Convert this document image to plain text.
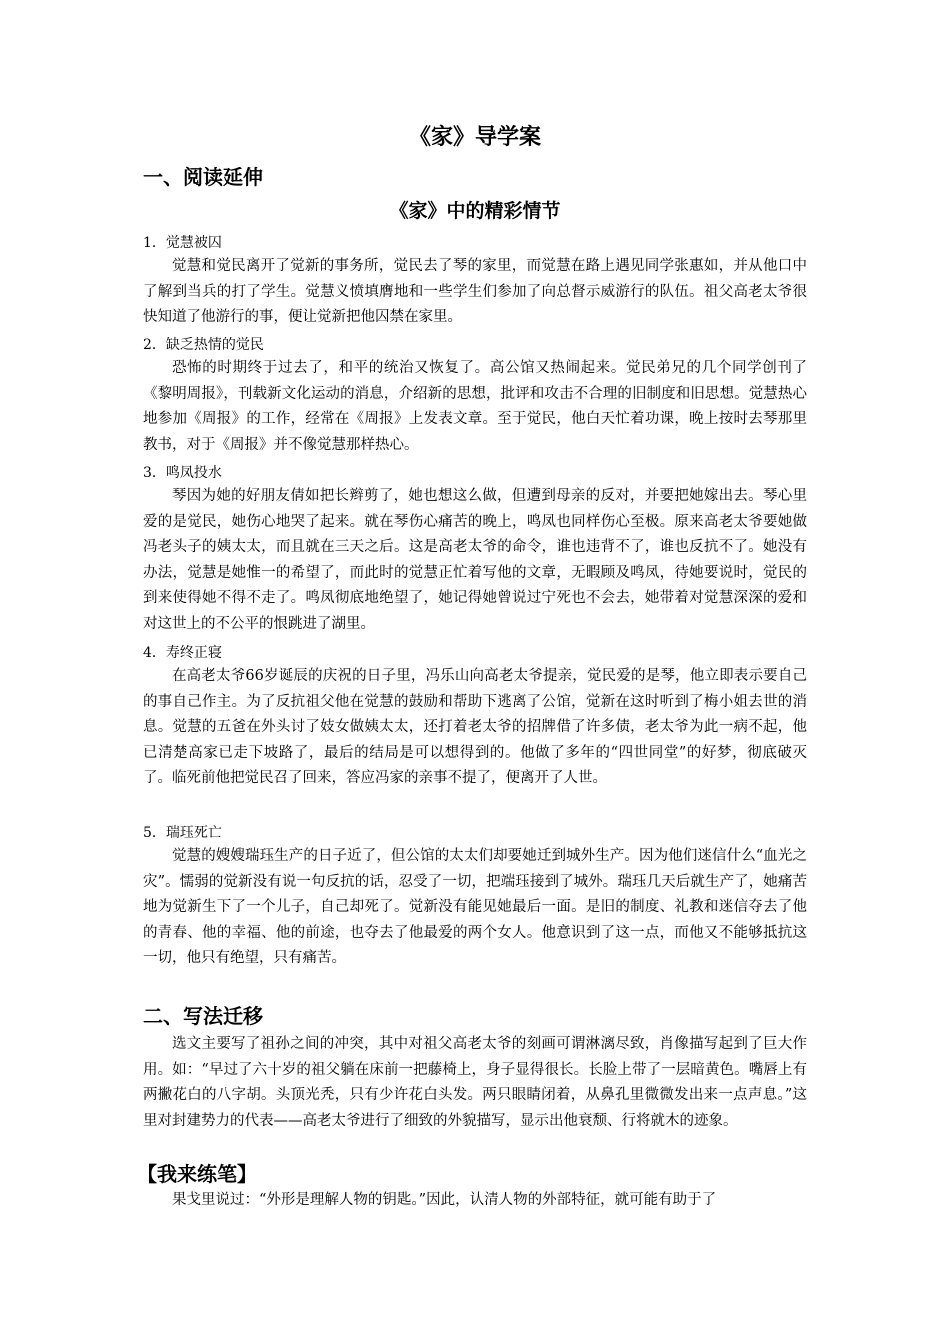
《家》导学案
一、阅读延伸
《家》中的精彩情节
1．觉慧被囚
觉慧和觉民离开了觉新的事务所，觉民去了琴的家里，而觉慧在路上遇见同学张惠如，并从他口中了解到当兵的打了学生。觉慧义愤填膺地和一些学生们参加了向总督示威游行的队伍。祖父高老太爷很快知道了他游行的事，便让觉新把他囚禁在家里。
2．缺乏热情的觉民
恐怖的时期终于过去了，和平的统治又恢复了。高公馆又热闹起来。觉民弟兄的几个同学创刊了《黎明周报》，刊载新文化运动的消息，介绍新的思想，批评和攻击不合理的旧制度和旧思想。觉慧热心地参加《周报》的工作，经常在《周报》上发表文章。至于觉民，他白天忙着功课，晚上按时去琴那里教书，对于《周报》并不像觉慧那样热心。
3．鸣凤投水
琴因为她的好朋友倩如把长辫剪了，她也想这么做，但遭到母亲的反对，并要把她嫁出去。琴心里爱的是觉民，她伤心地哭了起来。就在琴伤心痛苦的晚上，鸣凤也同样伤心至极。原来高老太爷要她做冯老头子的姨太太，而且就在三天之后。这是高老太爷的命令，谁也违背不了，谁也反抗不了。她没有办法，觉慧是她惟一的希望了，而此时的觉慧正忙着写他的文章，无暇顾及鸣凤，待她要说时，觉民的到来使得她不得不走了。鸣凤彻底地绝望了，她记得她曾说过宁死也不会去，她带着对觉慧深深的爱和对这世上的不公平的恨跳进了湖里。
4．寿终正寝
在高老太爷66岁诞辰的庆祝的日子里，冯乐山向高老太爷提亲，觉民爱的是琴，他立即表示要自己的事自己作主。为了反抗祖父他在觉慧的鼓励和帮助下逃离了公馆，觉新在这时听到了梅小姐去世的消息。觉慧的五爸在外头讨了妓女做姨太太，还打着老太爷的招牌借了许多债，老太爷为此一病不起，他已清楚高家已走下坡路了，最后的结局是可以想得到的。他做了多年的“四世同堂”的好梦，彻底破灭了。临死前他把觉民召了回来，答应冯家的亲事不提了，便离开了人世。
5．瑞珏死亡
觉慧的嫂嫂瑞珏生产的日子近了，但公馆的太太们却要她迁到城外生产。因为他们迷信什么“血光之灾”。懦弱的觉新没有说一句反抗的话，忍受了一切，把端珏接到了城外。瑞珏几天后就生产了，她痛苦地为觉新生下了一个儿子，自己却死了。觉新没有能见她最后一面。是旧的制度、礼教和迷信夺去了他的青春、他的幸福、他的前途，也夺去了他最爱的两个女人。他意识到了这一点，而他又不能够抵抗这一切，他只有绝望，只有痛苦。
二、写法迁移
选文主要写了祖孙之间的冲突，其中对祖父高老太爷的刻画可谓淋漓尽致，肖像描写起到了巨大作用。如：“早过了六十岁的祖父躺在床前一把藤椅上，身子显得很长。长脸上带了一层暗黄色。嘴唇上有两撇花白的八字胡。头顶光秃，只有少许花白头发。两只眼睛闭着，从鼻孔里微微发出来一点声息。”这里对封建势力的代表——高老太爷进行了细致的外貌描写，显示出他衰颓、行将就木的迹象。
【我来练笔】
果戈里说过：“外形是理解人物的钥匙。”因此，认清人物的外部特征，就可能有助于了
